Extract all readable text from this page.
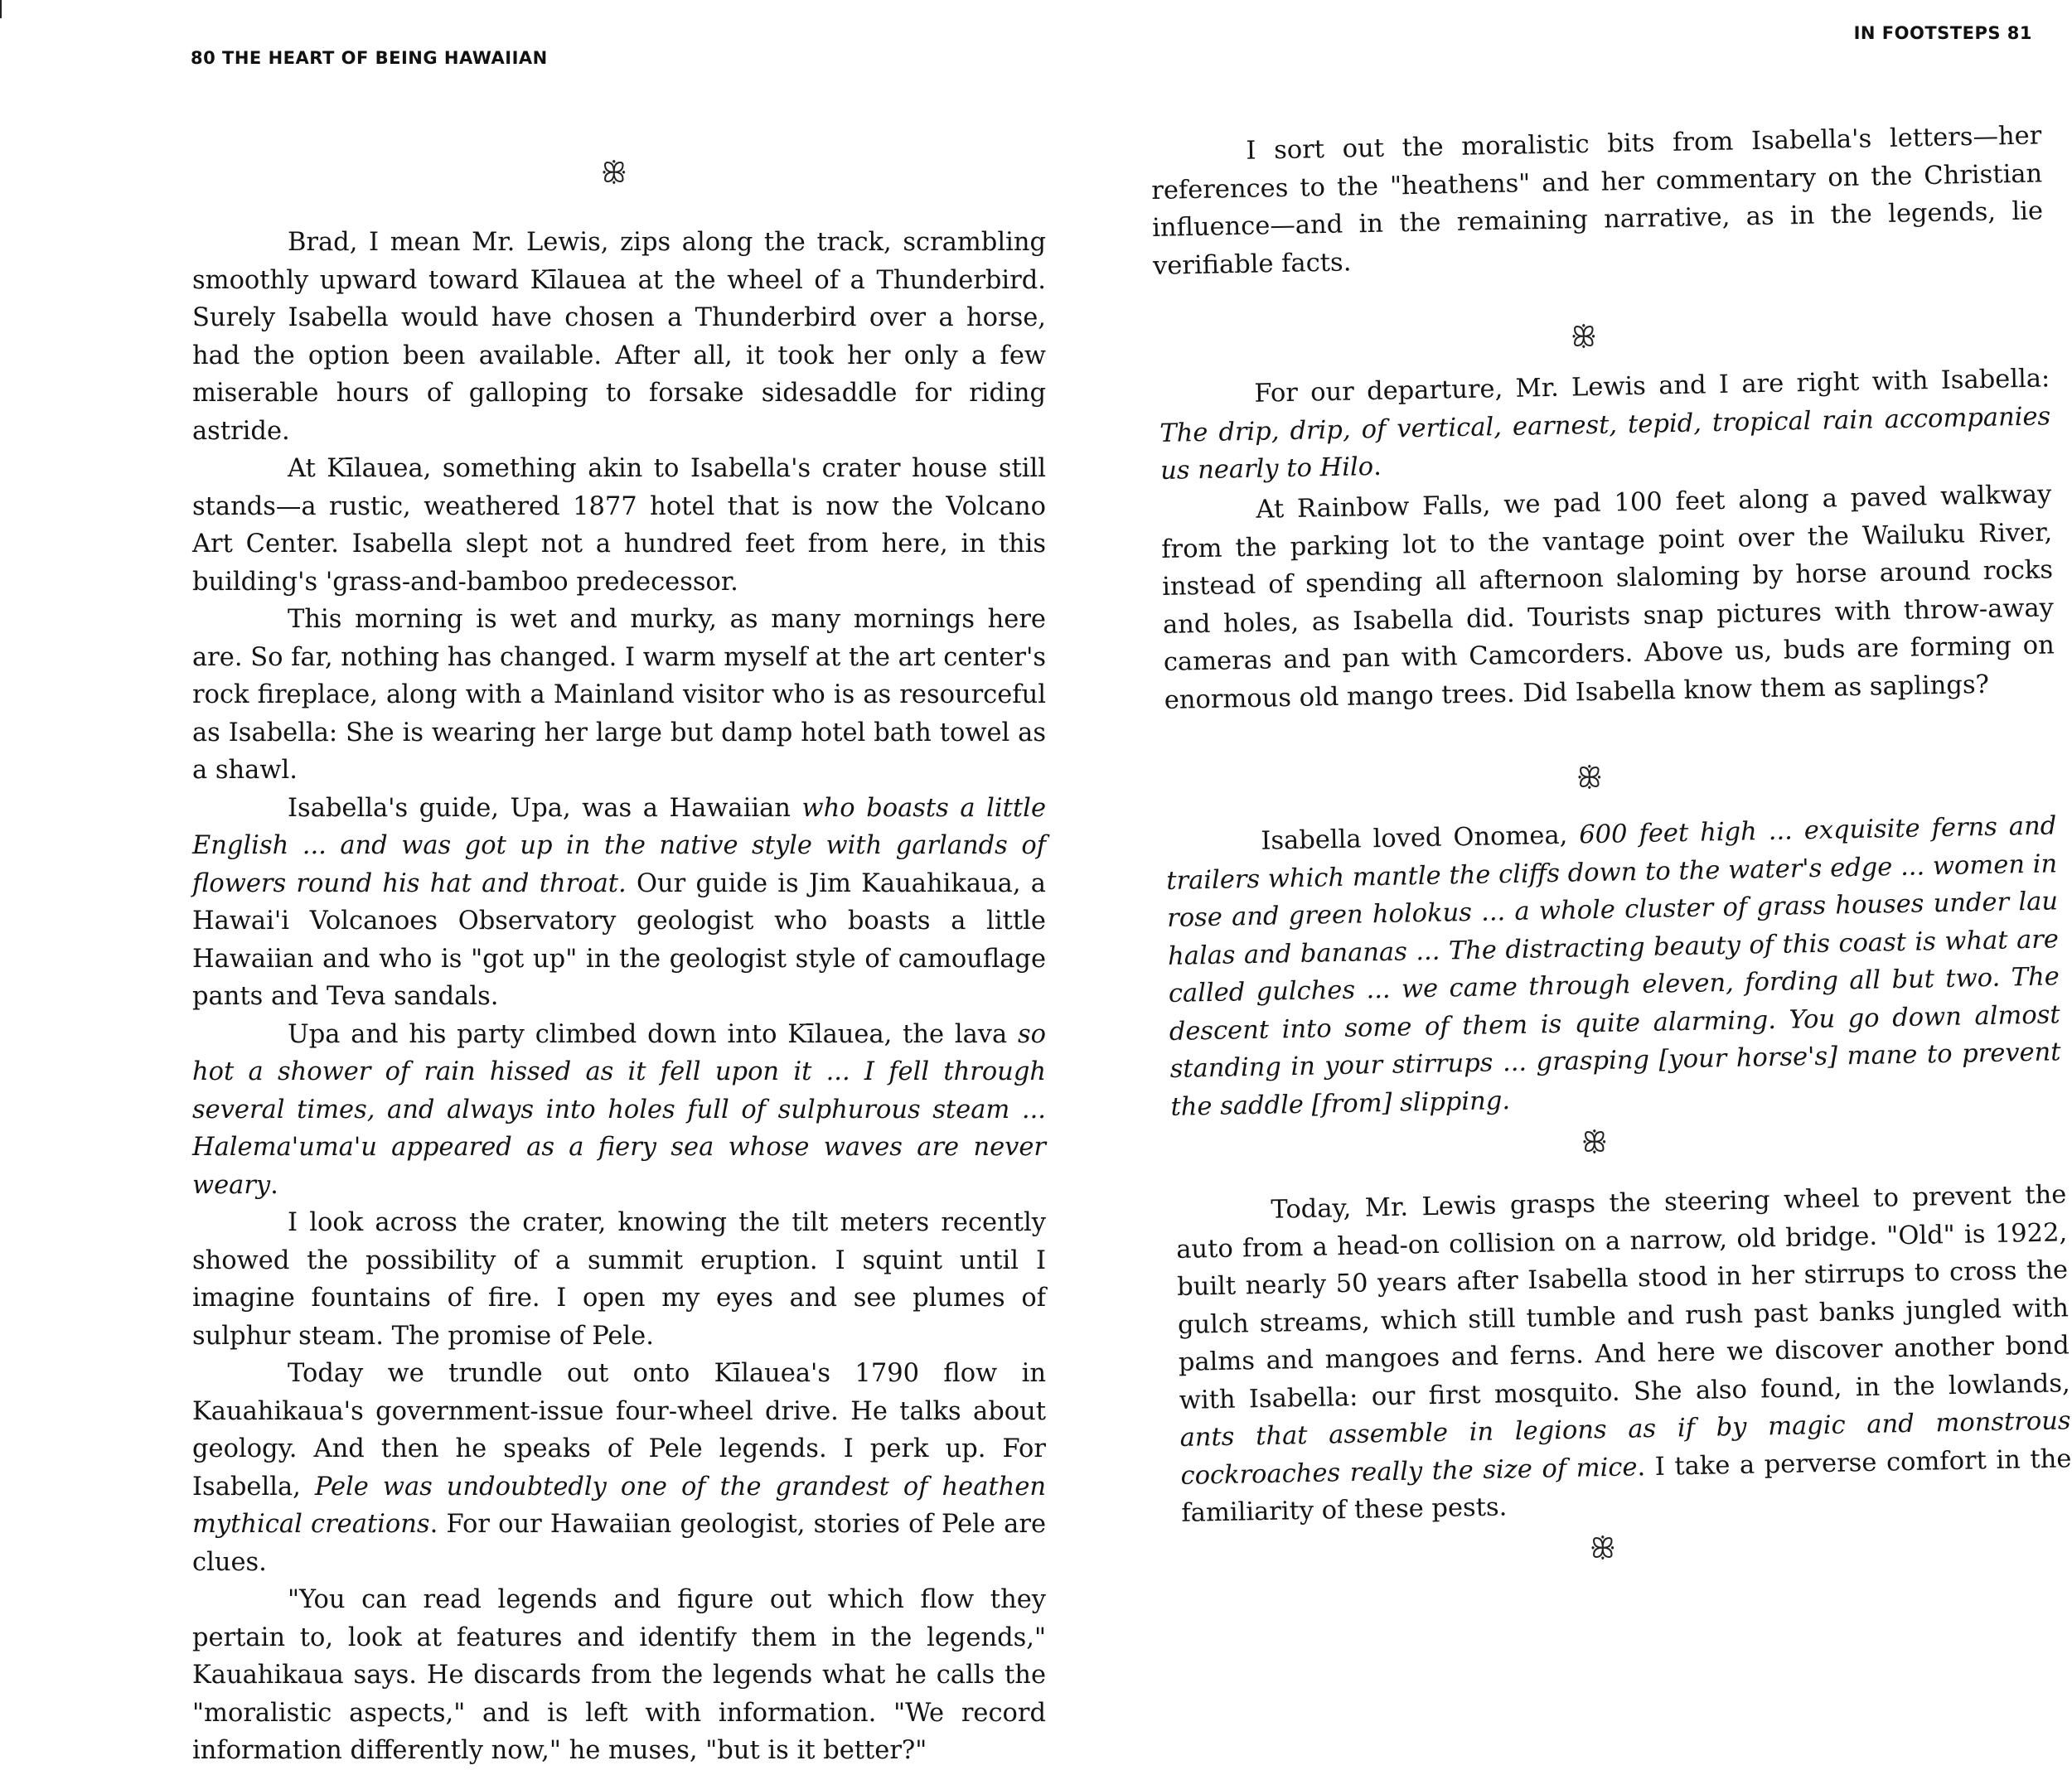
80 THE HEART OF BEING HAWAIIAN
ꕥ

Brad, I mean Mr. Lewis, zips along the track, scrambling smoothly upward toward Kīlauea at the wheel of a Thunderbird. Surely Isabella would have chosen a Thunderbird over a horse, had the option been available. After all, it took her only a few miserable hours of galloping to forsake sidesaddle for riding astride.

At Kīlauea, something akin to Isabella's crater house still stands—a rustic, weathered 1877 hotel that is now the Volcano Art Center. Isabella slept not a hundred feet from here, in this building's 'grass-and-bamboo predecessor.

This morning is wet and murky, as many mornings here are. So far, nothing has changed. I warm myself at the art center's rock fireplace, along with a Mainland visitor who is as resourceful as Isabella: She is wearing her large but damp hotel bath towel as a shawl.

Isabella's guide, Upa, was a Hawaiian who boasts a little English ... and was got up in the native style with garlands of flowers round his hat and throat. Our guide is Jim Kauahikaua, a Hawai'i Volcanoes Observatory geologist who boasts a little Hawaiian and who is "got up" in the geologist style of camouflage pants and Teva sandals.

Upa and his party climbed down into Kīlauea, the lava so hot a shower of rain hissed as it fell upon it ... I fell through several times, and always into holes full of sulphurous steam ... Halema'uma'u appeared as a fiery sea whose waves are never weary.

I look across the crater, knowing the tilt meters recently showed the possibility of a summit eruption. I squint until I imagine fountains of fire. I open my eyes and see plumes of sulphur steam. The promise of Pele.

Today we trundle out onto Kīlauea's 1790 flow in Kauahikaua's government-issue four-wheel drive. He talks about geology. And then he speaks of Pele legends. I perk up. For Isabella, Pele was undoubtedly one of the grandest of heathen mythical creations. For our Hawaiian geologist, stories of Pele are clues.

"You can read legends and figure out which flow they pertain to, look at features and identify them in the legends," Kauahikaua says. He discards from the legends what he calls the "moralistic aspects," and is left with information. "We record information differently now," he muses, "but is it better?"

IN FOOTSTEPS 81

I sort out the moralistic bits from Isabella's letters—her references to the "heathens" and her commentary on the Christian influence—and in the remaining narrative, as in the legends, lie verifiable facts.

ꕥ

For our departure, Mr. Lewis and I are right with Isabella: The drip, drip, of vertical, earnest, tepid, tropical rain accompanies us nearly to Hilo.

At Rainbow Falls, we pad 100 feet along a paved walkway from the parking lot to the vantage point over the Wailuku River, instead of spending all afternoon slaloming by horse around rocks and holes, as Isabella did. Tourists snap pictures with throw-away cameras and pan with Camcorders. Above us, buds are forming on enormous old mango trees. Did Isabella know them as saplings?

ꕥ

Isabella loved Onomea, 600 feet high ... exquisite ferns and trailers which mantle the cliffs down to the water's edge ... women in rose and green holokus ... a whole cluster of grass houses under lau halas and bananas ... The distracting beauty of this coast is what are called gulches ... we came through eleven, fording all but two. The descent into some of them is quite alarming. You go down almost standing in your stirrups ... grasping [your horse's] mane to prevent the saddle [from] slipping.

ꕥ

Today, Mr. Lewis grasps the steering wheel to prevent the auto from a head-on collision on a narrow, old bridge. "Old" is 1922, built nearly 50 years after Isabella stood in her stirrups to cross the gulch streams, which still tumble and rush past banks jungled with palms and mangoes and ferns. And here we discover another bond with Isabella: our first mosquito. She also found, in the lowlands, ants that assemble in legions as if by magic and monstrous cockroaches really the size of mice. I take a perverse comfort in the familiarity of these pests.

ꕥ
